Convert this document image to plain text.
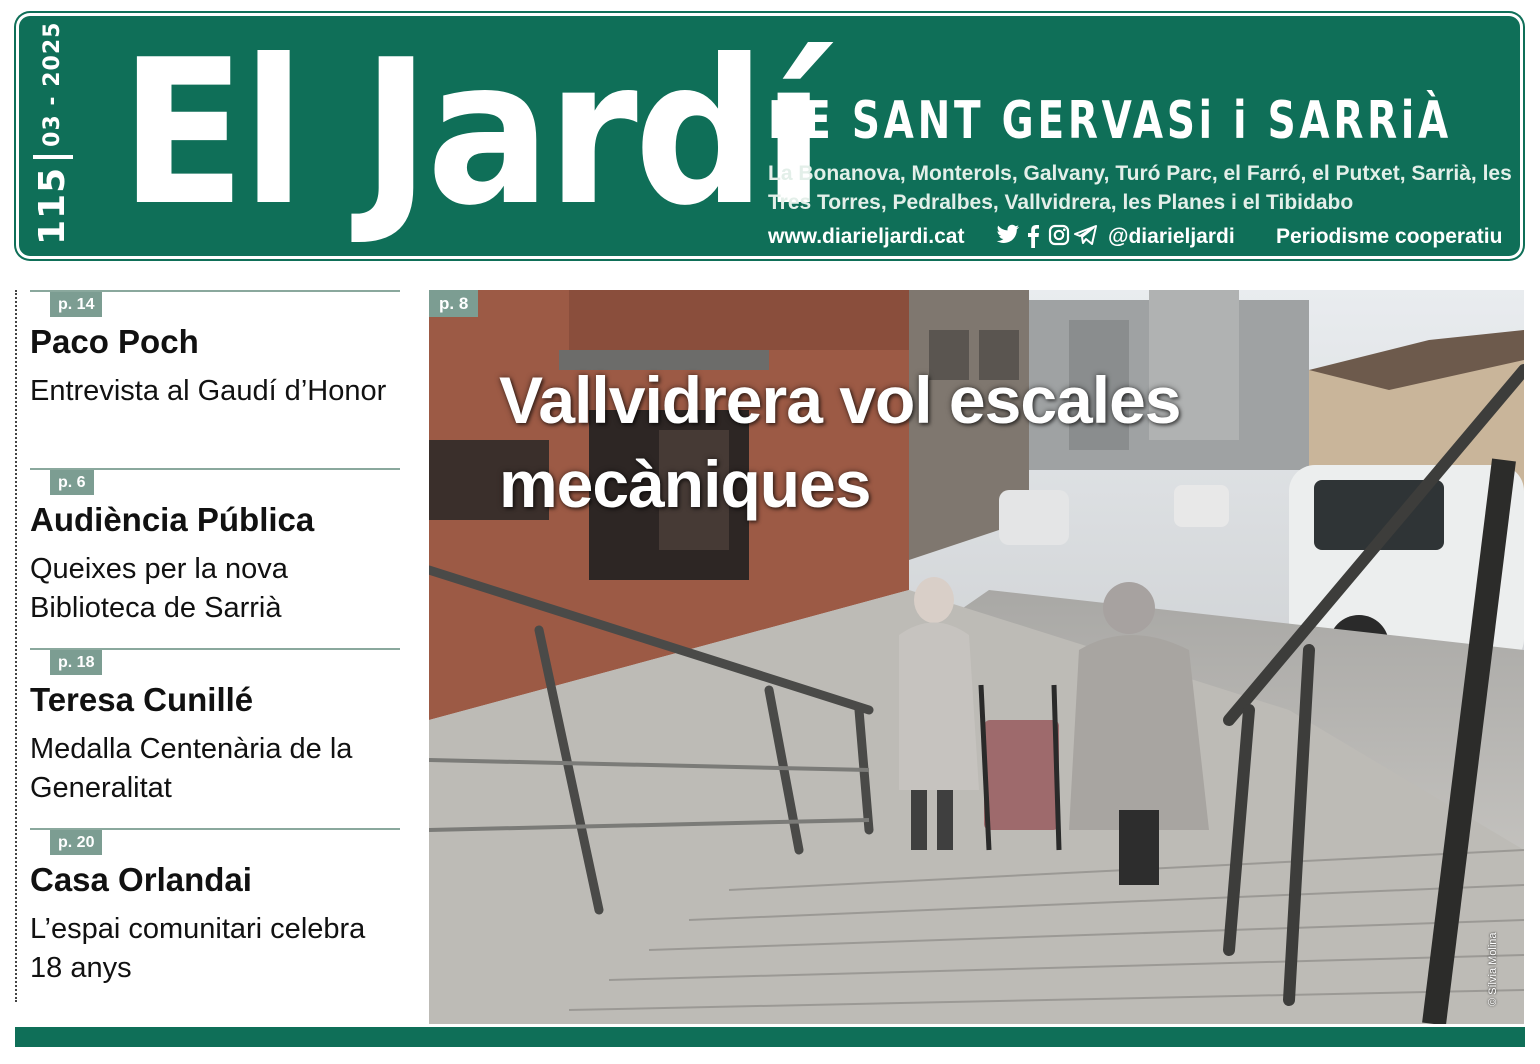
11503 - 2025 El Jardí
DE SANT GERVASi i SARRiÀ
La Bonanova, Monterols, Galvany, Turó Parc, el Farró, el Putxet, Sarrià, les Tres Torres, Pedralbes, Vallvidrera, les Planes i el Tibidabo
www.diarieljardi.cat	@diarieljardi Periodisme cooperatiu
p. 14
Paco Poch
Entrevista al Gaudí d’Honor
p. 6
Audiència Pública
Queixes per la nova Biblioteca de Sarrià
p. 18
Teresa Cunillé
Medalla Centenària de la Generalitat
p. 20
Casa Orlandai
L’espai comunitari celebra 18 anys
p. 8
Vallvidrera vol escales mecàniques
© Sílvia Molina
